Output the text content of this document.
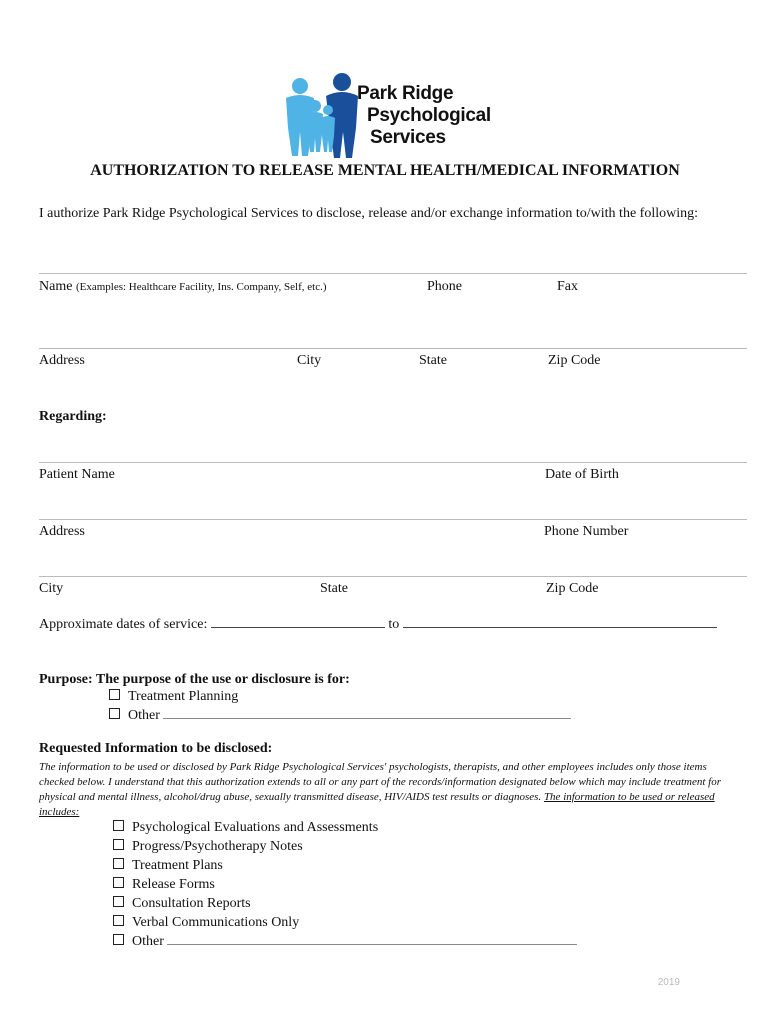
Park Ridge
Psychological
Services
AUTHORIZATION TO RELEASE MENTAL HEALTH/MEDICAL INFORMATION
I authorize Park Ridge Psychological Services to disclose, release and/or exchange information to/with the following:
Name (Examples: Healthcare Facility, Ins. Company, Self, etc.)	Phone	Fax
Address	City	State	Zip Code
Regarding:
Patient Name	Date of Birth
Address	Phone Number
City	State	Zip Code
Approximate dates of service:	to
Purpose: The purpose of the use or disclosure is for:
Treatment Planning
Other
Requested Information to be disclosed:
The information to be used or disclosed by Park Ridge Psychological Services' psychologists, therapists, and other employees includes only those items checked below. I understand that this authorization extends to all or any part of the records/information designated below which may include treatment for physical and mental illness, alcohol/drug abuse, sexually transmitted disease, HIV/AIDS test results or diagnoses. The information to be used or released includes:
Psychological Evaluations and Assessments
Progress/Psychotherapy Notes
Treatment Plans
Release Forms
Consultation Reports
Verbal Communications Only
Other
2019
